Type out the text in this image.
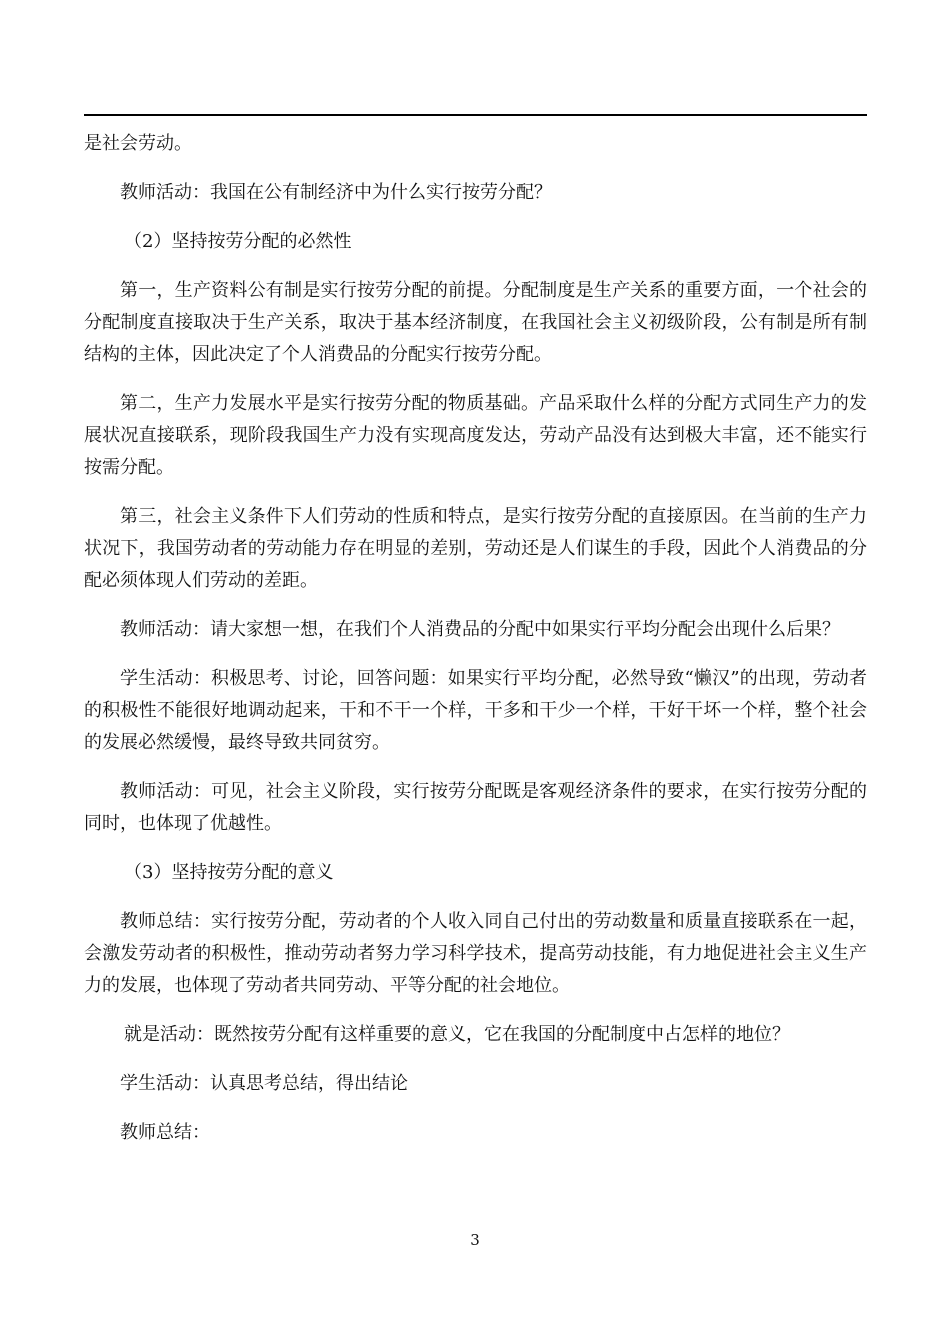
是社会劳动。

教师活动：我国在公有制经济中为什么实行按劳分配？

（2）坚持按劳分配的必然性

第一，生产资料公有制是实行按劳分配的前提。分配制度是生产关系的重要方面，一个社会的分配制度直接取决于生产关系，取决于基本经济制度，在我国社会主义初级阶段，公有制是所有制结构的主体，因此决定了个人消费品的分配实行按劳分配。

第二，生产力发展水平是实行按劳分配的物质基础。产品采取什么样的分配方式同生产力的发展状况直接联系，现阶段我国生产力没有实现高度发达，劳动产品没有达到极大丰富，还不能实行按需分配。

第三，社会主义条件下人们劳动的性质和特点，是实行按劳分配的直接原因。在当前的生产力状况下，我国劳动者的劳动能力存在明显的差别，劳动还是人们谋生的手段，因此个人消费品的分配必须体现人们劳动的差距。

教师活动：请大家想一想，在我们个人消费品的分配中如果实行平均分配会出现什么后果？

学生活动：积极思考、讨论，回答问题：如果实行平均分配，必然导致“懒汉”的出现，劳动者的积极性不能很好地调动起来，干和不干一个样，干多和干少一个样，干好干坏一个样，整个社会的发展必然缓慢，最终导致共同贫穷。

教师活动：可见，社会主义阶段，实行按劳分配既是客观经济条件的要求，在实行按劳分配的同时，也体现了优越性。

（3）坚持按劳分配的意义

教师总结：实行按劳分配，劳动者的个人收入同自己付出的劳动数量和质量直接联系在一起，会激发劳动者的积极性，推动劳动者努力学习科学技术，提高劳动技能，有力地促进社会主义生产力的发展，也体现了劳动者共同劳动、平等分配的社会地位。

就是活动：既然按劳分配有这样重要的意义，它在我国的分配制度中占怎样的地位？

学生活动：认真思考总结，得出结论

教师总结：

3
